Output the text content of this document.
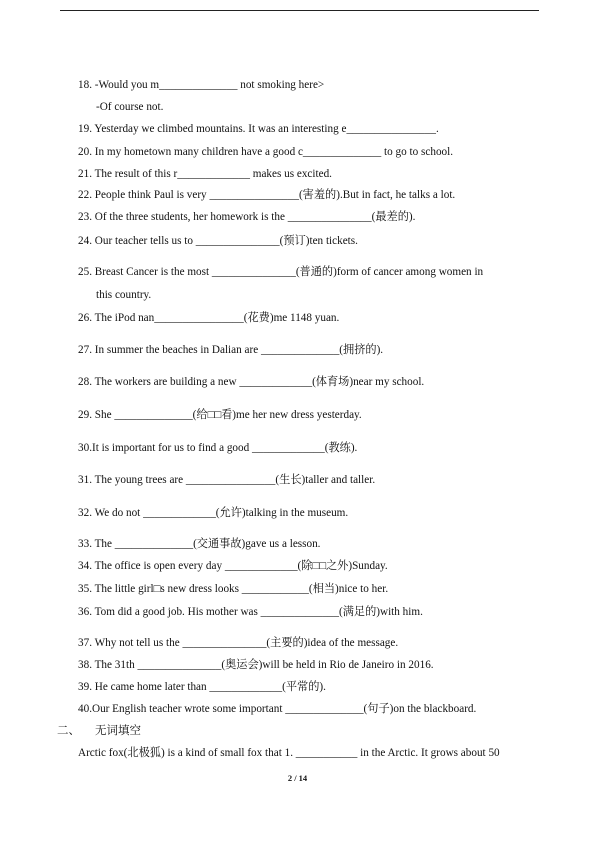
18. -Would you m______________ not smoking here>
-Of course not.
19. Yesterday we climbed mountains. It was an interesting e________________.
20. In my hometown many children have a good c______________ to go to school.
21. The result of this r_____________ makes us excited.
22. People think Paul is very ________________(害羞的).But in fact, he talks a lot.
23. Of the three students, her homework is the _______________(最差的).
24. Our teacher tells us to _______________(预订)ten tickets.
25. Breast Cancer is the most _______________(普通的)form of cancer among women in
this country.
26. The iPod nan________________(花费)me 1148 yuan.
27. In summer the beaches in Dalian are ______________(拥挤的).
28. The workers are building a new _____________(体育场)near my school.
29. She ______________(给□□看)me her new dress yesterday.
30.It is important for us to find a good _____________(教练).
31. The young trees are ________________(生长)taller and taller.
32. We do not _____________(允许)talking in the museum.
33. The ______________(交通事故)gave us a lesson.
34. The office is open every day _____________(除□□之外)Sunday.
35. The little girl□s new dress looks ____________(相当)nice to her.
36. Tom did a good job. His mother was ______________(满足的)with him.
37. Why not tell us the _______________(主要的)idea of the message.
38. The 31th _______________(奥运会)will be held in Rio de Janeiro in 2016.
39. He came home later than _____________(平常的).
40.Our English teacher wrote some important ______________(句子)on the blackboard.
二、 无词填空
Arctic fox(北极狐) is a kind of small fox that 1. ___________ in the Arctic. It grows about 50
2 / 14
